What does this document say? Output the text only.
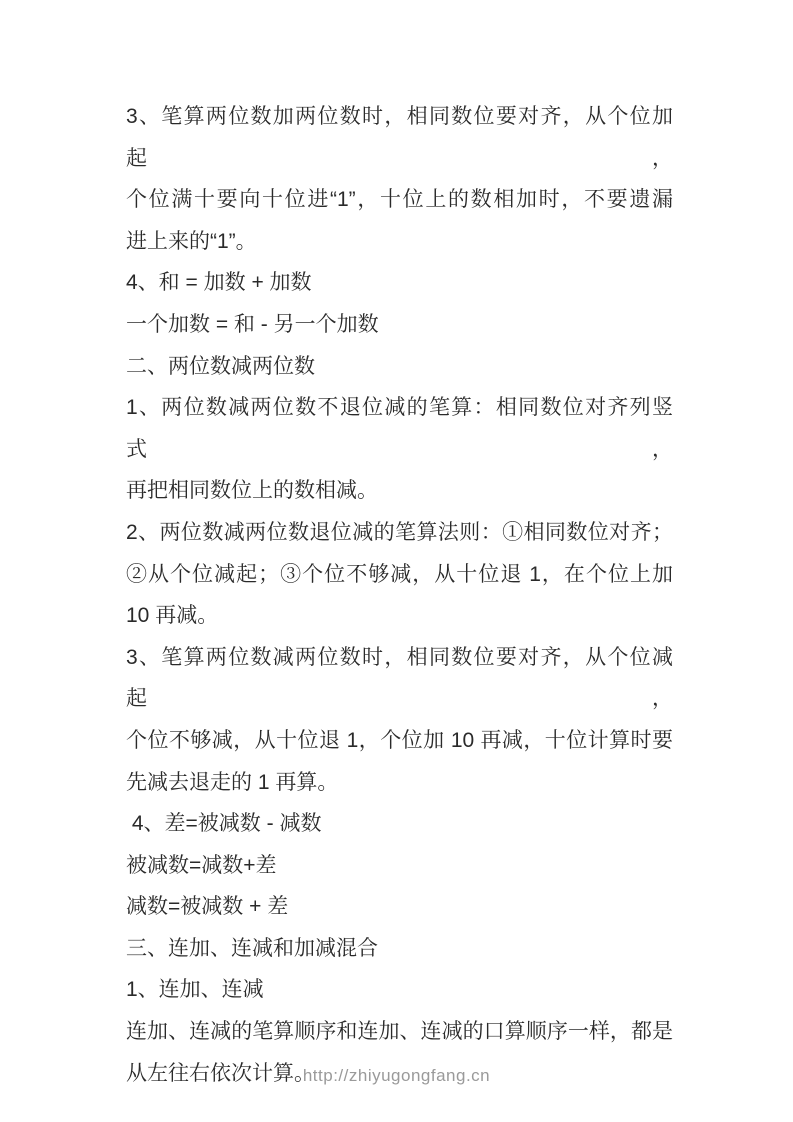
3、笔算两位数加两位数时，相同数位要对齐，从个位加起，
个位满十要向十位进“1”，十位上的数相加时，不要遗漏
进上来的“1”。
4、和 = 加数 + 加数
一个加数 = 和 - 另一个加数
二、两位数减两位数
1、两位数减两位数不退位减的笔算：相同数位对齐列竖式，
再把相同数位上的数相减。
2、两位数减两位数退位减的笔算法则：①相同数位对齐；
②从个位减起；③个位不够减，从十位退 1，在个位上加
10 再减。
3、笔算两位数减两位数时，相同数位要对齐，从个位减起，
个位不够减，从十位退 1，个位加 10 再减，十位计算时要
先减去退走的 1 再算。
4、差=被减数 - 减数
被减数=减数+差
减数=被减数 + 差
三、连加、连减和加减混合
1、连加、连减
连加、连减的笔算顺序和连加、连减的口算顺序一样，都是
从左往右依次计算。
http://zhiyugongfang.cn
